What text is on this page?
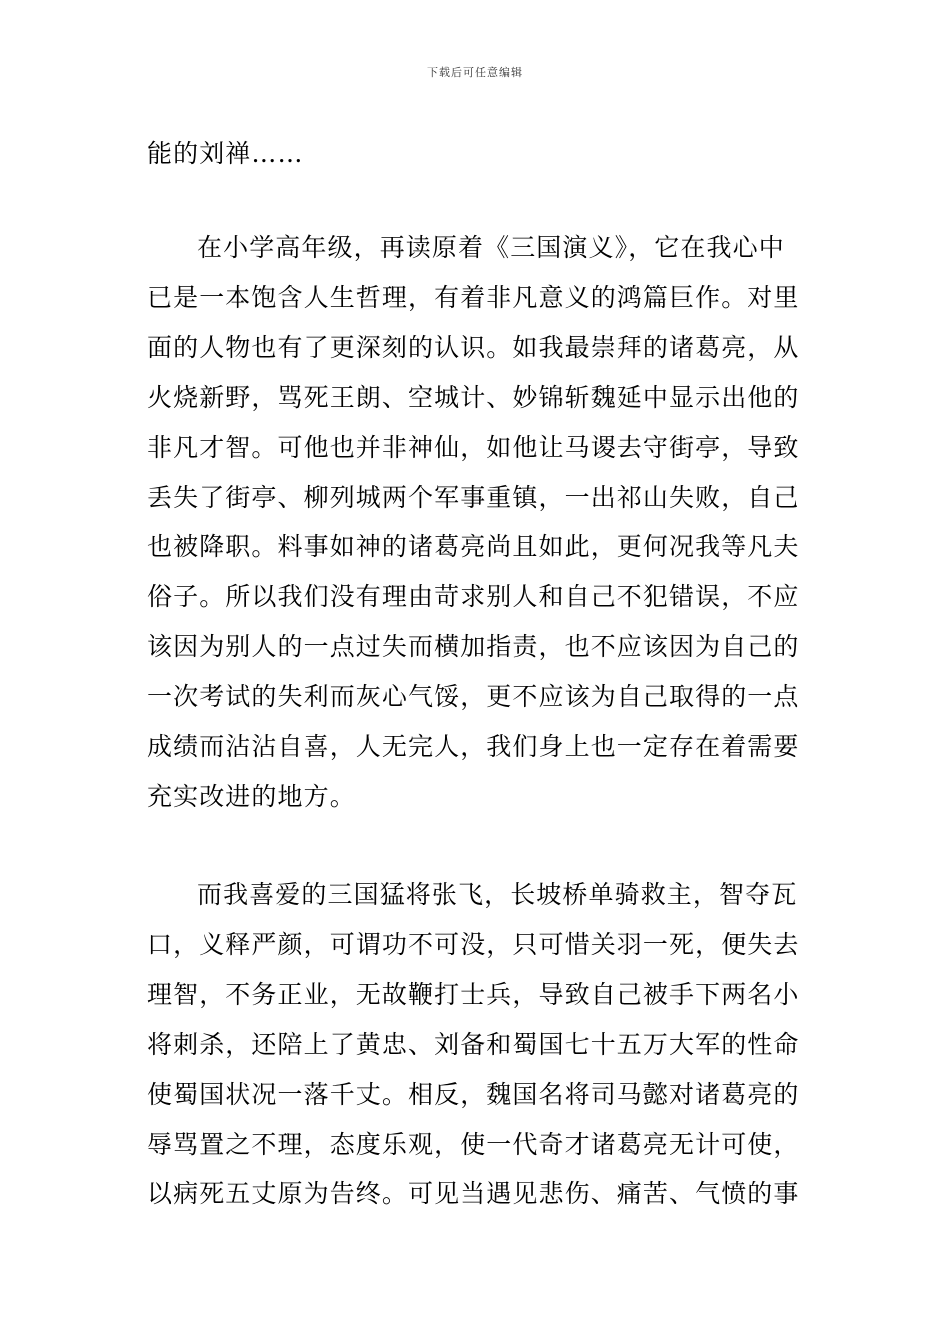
下载后可任意编辑
能的刘禅……
在小学高年级，再读原着《三国演义》，它在我心中
已是一本饱含人生哲理，有着非凡意义的鸿篇巨作。对里
面的人物也有了更深刻的认识。如我最崇拜的诸葛亮，从
火烧新野，骂死王朗、空城计、妙锦斩魏延中显示出他的
非凡才智。可他也并非神仙，如他让马谡去守街亭，导致
丢失了街亭、柳列城两个军事重镇，一出祁山失败，自己
也被降职。料事如神的诸葛亮尚且如此，更何况我等凡夫
俗子。所以我们没有理由苛求别人和自己不犯错误，不应
该因为别人的一点过失而横加指责，也不应该因为自己的
一次考试的失利而灰心气馁，更不应该为自己取得的一点
成绩而沾沾自喜，人无完人，我们身上也一定存在着需要
充实改进的地方。
而我喜爱的三国猛将张飞，长坡桥单骑救主，智夺瓦
口，义释严颜，可谓功不可没，只可惜关羽一死，便失去
理智，不务正业，无故鞭打士兵，导致自己被手下两名小
将刺杀，还陪上了黄忠、刘备和蜀国七十五万大军的性命
使蜀国状况一落千丈。相反，魏国名将司马懿对诸葛亮的
辱骂置之不理，态度乐观，使一代奇才诸葛亮无计可使，
以病死五丈原为告终。可见当遇见悲伤、痛苦、气愤的事
